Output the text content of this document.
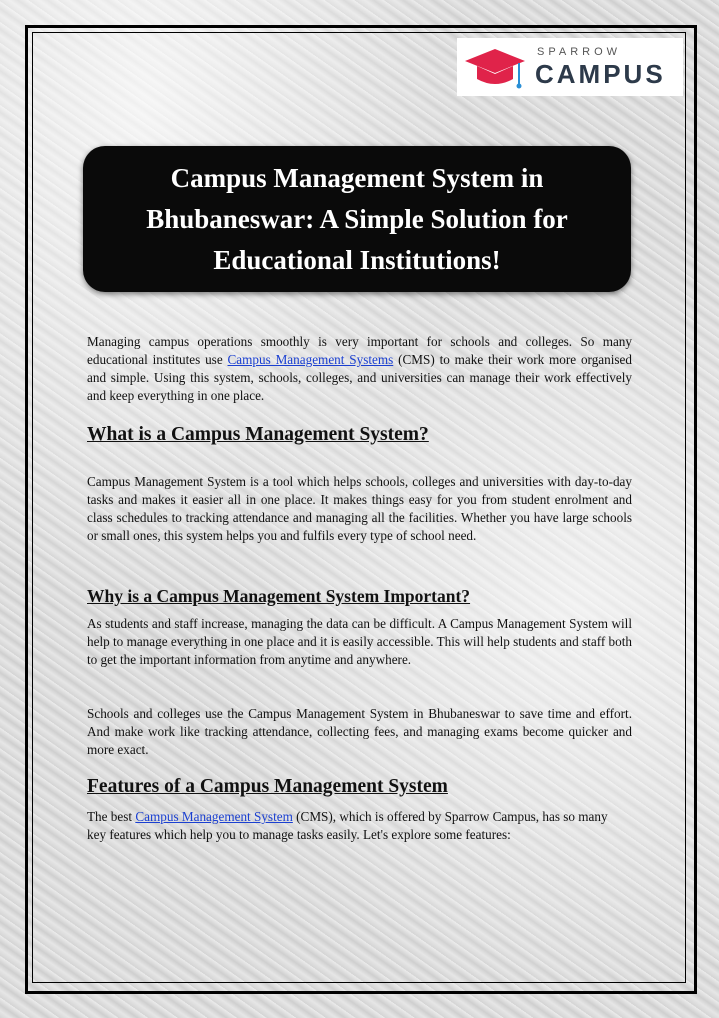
SPARROW
CAMPUS
Campus Management System in Bhubaneswar: A Simple Solution for Educational Institutions!
Managing campus operations smoothly is very important for schools and colleges. So many educational institutes use Campus Management Systems (CMS) to make their work more organised and simple. Using this system, schools, colleges, and universities can manage their work effectively and keep everything in one place.
What is a Campus Management System?
Campus Management System is a tool which helps schools, colleges and universities with day-to-day tasks and makes it easier all in one place. It makes things easy for you from student enrolment and class schedules to tracking attendance and managing all the facilities. Whether you have large schools or small ones, this system helps you and fulfils every type of school need.
Why is a Campus Management System Important?
As students and staff increase, managing the data can be difficult. A Campus Management System will help to manage everything in one place and it is easily accessible. This will help students and staff both to get the important information from anytime and anywhere.
Schools and colleges use the Campus Management System in Bhubaneswar to save time and effort. And make work like tracking attendance, collecting fees, and managing exams become quicker and more exact.
Features of a Campus Management System
The best Campus Management System (CMS), which is offered by Sparrow Campus, has so many key features which help you to manage tasks easily. Let's explore some features:
